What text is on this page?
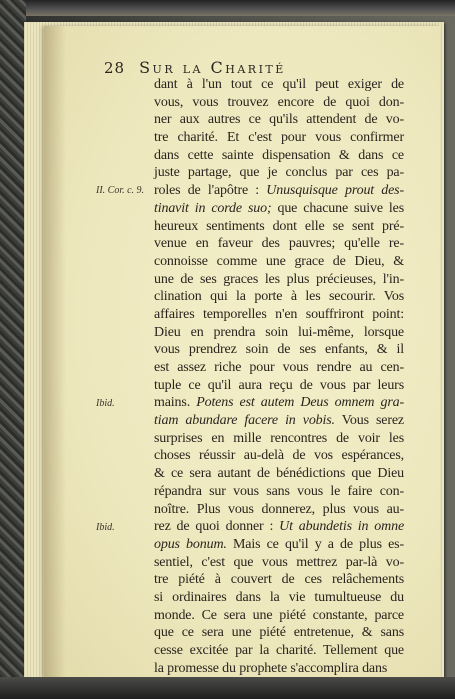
28 Sur la Charité
dant à l'un tout ce qu'il peut exiger de
vous, vous trouvez encore de quoi don-
ner aux autres ce qu'ils attendent de vo-
tre charité. Et c'est pour vous confirmer
dans cette sainte dispensation & dans ce
juste partage, que je conclus par ces pa-
roles de l'apôtre : Unusquisque prout des-
tinavit in corde suo; que chacune suive les
heureux sentiments dont elle se sent pré-
venue en faveur des pauvres; qu'elle re-
connoisse comme une grace de Dieu, &
une de ses graces les plus précieuses, l'in-
clination qui la porte à les secourir. Vos
affaires temporelles n'en souffriront point:
Dieu en prendra soin lui-même, lorsque
vous prendrez soin de ses enfants, & il
est assez riche pour vous rendre au cen-
tuple ce qu'il aura reçu de vous par leurs
mains. Potens est autem Deus omnem gra-
tiam abundare facere in vobis. Vous serez
surprises en mille rencontres de voir les
choses réussir au-delà de vos espérances,
& ce sera autant de bénédictions que Dieu
répandra sur vous sans vous le faire con-
noître. Plus vous donnerez, plus vous au-
rez de quoi donner : Ut abundetis in omne
opus bonum. Mais ce qu'il y a de plus es-
sentiel, c'est que vous mettrez par-là vo-
tre piété à couvert de ces relâchements
si ordinaires dans la vie tumultueuse du
monde. Ce sera une piété constante, parce
que ce sera une piété entretenue, & sans
cesse excitée par la charité. Tellement que
la promesse du prophete s'accomplira dans
II. Cor. c. 9.
Ibid.
Ibid.
